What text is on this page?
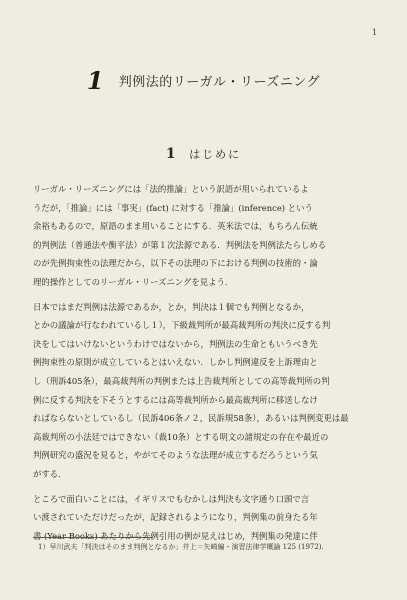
1
1 判例法的リーガル・リーズニング
1 はじめに
リーガル・リーズニングには「法的推論」という訳語が用いられているよ
うだが，「推論」には「事実」(fact) に対する「推論」(inference) という
余裕もあるので，原語のまま用いることにする．英米法では，もちろん伝統
的判例法（普通法や衡平法）が第１次法源である．判例法を判例法たらしめる
のが先例拘束性の法理だから，以下その法理の下における判例の技術的・論
理的操作としてのリーガル・リーズニングを見よう．
日本ではまだ判例は法源であるか，とか，判決は１個でも判例となるか，
とかの議論が行なわれているし１），下級裁判所が最高裁判所の判決に反する判
決をしてはいけないというわけではないから，判例法の生命ともいうべき先
例拘束性の原則が成立しているとはいえない．しかし判例違反を上訴理由と
し（刑訴405条），最高裁判所の判例または上告裁判所としての高等裁判所の判
例に反する判決を下そうとするには高等裁判所から最高裁判所に移送しなけ
ればならないとしているし（民訴406条ノ２，民訴規58条），あるいは判例変更は最
高裁判所の小法廷ではできない（裁10条）とする明文の諸規定の存在や最近の
判例研究の盛況を見ると，やがてそのような法理が成立するだろうという気
がする．
ところで面白いことには，イギリスでもむかしは判決も文字通り口頭で言
い渡されていただけだったが，記録されるようになり，判例集の前身たる年
書 (Year Books) あたりから先例引用の例が見えはじめ，判例集の発達に伴
1）早川武夫「判決はそのまま判例となるか」井上＝矢崎編・演習法律学概論 125 (1972).
